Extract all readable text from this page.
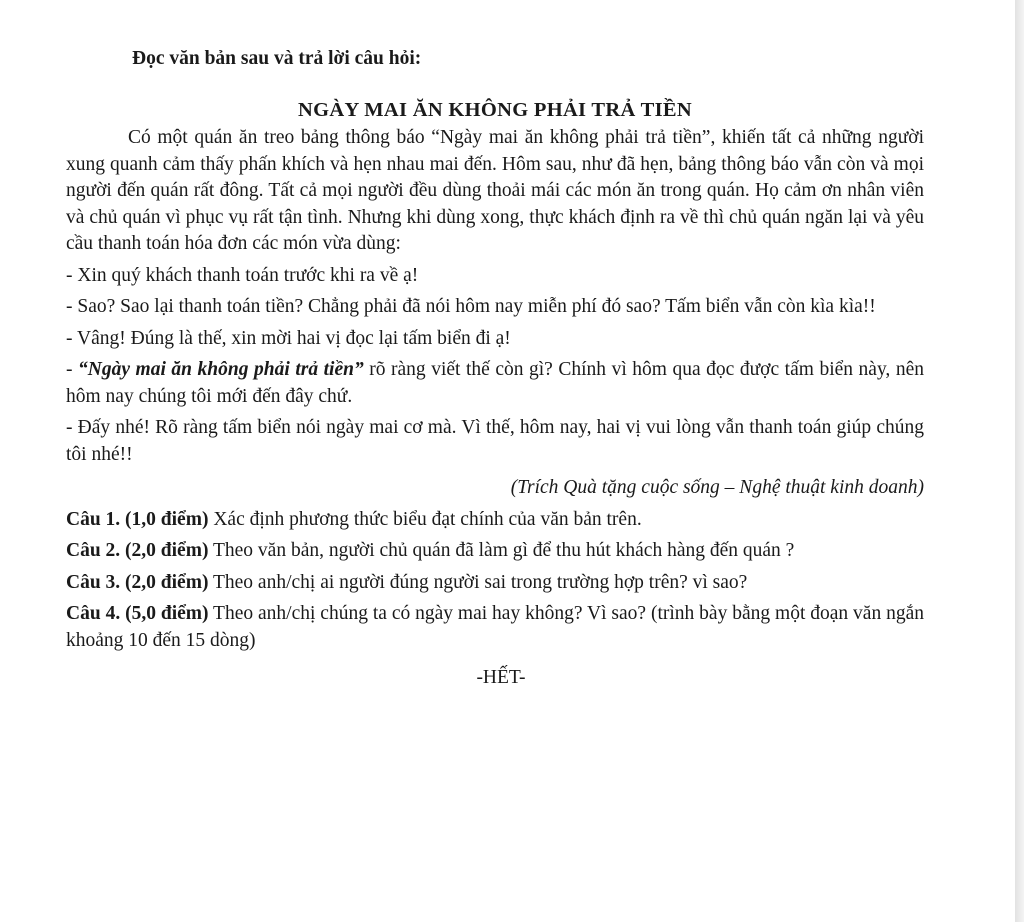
Đọc văn bản sau và trả lời câu hỏi:
NGÀY MAI ĂN KHÔNG PHẢI TRẢ TIỀN

Có một quán ăn treo bảng thông báo “Ngày mai ăn không phải trả tiền”, khiến tất cả những người xung quanh cảm thấy phấn khích và hẹn nhau mai đến. Hôm sau, như đã hẹn, bảng thông báo vẫn còn và mọi người đến quán rất đông. Tất cả mọi người đều dùng thoải mái các món ăn trong quán. Họ cảm ơn nhân viên và chủ quán vì phục vụ rất tận tình. Nhưng khi dùng xong, thực khách định ra về thì chủ quán ngăn lại và yêu cầu thanh toán hóa đơn các món vừa dùng:

- Xin quý khách thanh toán trước khi ra về ạ!

- Sao? Sao lại thanh toán tiền? Chẳng phải đã nói hôm nay miễn phí đó sao? Tấm biển vẫn còn kìa kìa!!

- Vâng! Đúng là thế, xin mời hai vị đọc lại tấm biển đi ạ!

- “Ngày mai ăn không phải trả tiền” rõ ràng viết thế còn gì? Chính vì hôm qua đọc được tấm biển này, nên hôm nay chúng tôi mới đến đây chứ.

- Đấy nhé! Rõ ràng tấm biển nói ngày mai cơ mà. Vì thế, hôm nay, hai vị vui lòng vẫn thanh toán giúp chúng tôi nhé!!

(Trích Quà tặng cuộc sống – Nghệ thuật kinh doanh)

Câu 1. (1,0 điểm) Xác định phương thức biểu đạt chính của văn bản trên.

Câu 2. (2,0 điểm) Theo văn bản, người chủ quán đã làm gì để thu hút khách hàng đến quán ?

Câu 3. (2,0 điểm) Theo anh/chị ai người đúng người sai trong trường hợp trên? vì sao?

Câu 4. (5,0 điểm) Theo anh/chị chúng ta có ngày mai hay không? Vì sao? (trình bày bằng một đoạn văn ngắn khoảng 10 đến 15 dòng)

-HẾT-
